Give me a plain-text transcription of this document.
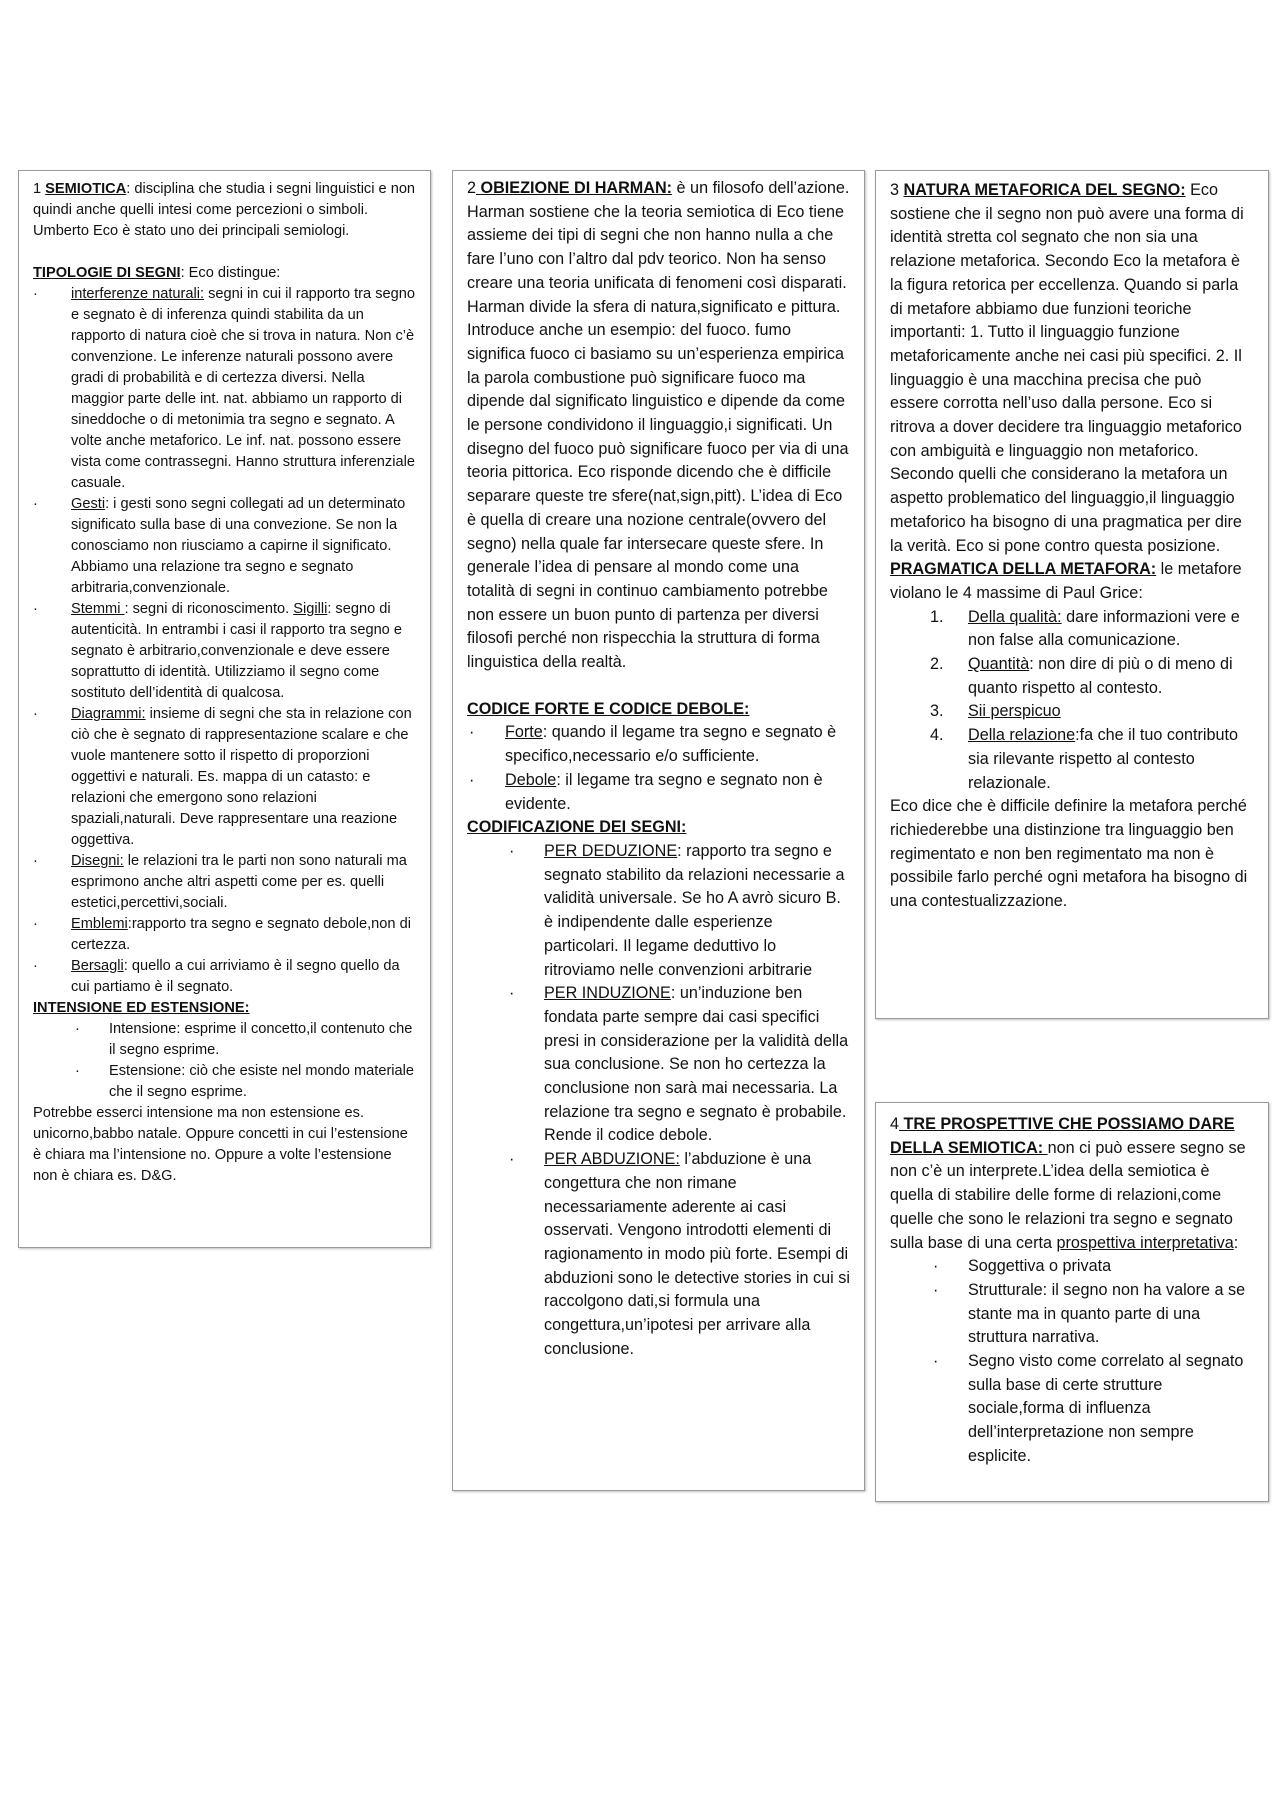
1 SEMIOTICA: disciplina che studia i segni linguistici e non quindi anche quelli intesi come percezioni o simboli. Umberto Eco è stato uno dei principali semiologi.

TIPOLOGIE DI SEGNI: Eco distingue:

· interferenze naturali: segni in cui il rapporto tra segno e segnato è di inferenza quindi stabilita da un rapporto di natura cioè che si trova in natura. Non c’è convenzione. Le inferenze naturali possono avere gradi di probabilità e di certezza diversi. Nella maggior parte delle int. nat. abbiamo un rapporto di sineddoche o di metonimia tra segno e segnato. A volte anche metaforico. Le inf. nat. possono essere vista come contrassegni. Hanno struttura inferenziale casuale.
· Gesti: i gesti sono segni collegati ad un determinato significato sulla base di una convezione. Se non la conosciamo non riusciamo a capirne il significato. Abbiamo una relazione tra segno e segnato arbitraria,convenzionale.
· Stemmi : segni di riconoscimento. Sigilli: segno di autenticità. In entrambi i casi il rapporto tra segno e segnato è arbitrario,convenzionale e deve essere soprattutto di identità. Utilizziamo il segno come sostituto dell’identità di qualcosa.
· Diagrammi: insieme di segni che sta in relazione con ciò che è segnato di rappresentazione scalare e che vuole mantenere sotto il rispetto di proporzioni oggettivi e naturali. Es. mappa di un catasto: e relazioni che emergono sono relazioni spaziali,naturali. Deve rappresentare una reazione oggettiva.
· Disegni: le relazioni tra le parti non sono naturali ma esprimono anche altri aspetti come per es. quelli estetici,percettivi,sociali.
· Emblemi:rapporto tra segno e segnato debole,non di certezza.
· Bersagli: quello a cui arriviamo è il segno quello da cui partiamo è il segnato.

INTENSIONE ED ESTENSIONE:

· Intensione: esprime il concetto,il contenuto che il segno esprime.
· Estensione: ciò che esiste nel mondo materiale che il segno esprime.

Potrebbe esserci intensione ma non estensione es. unicorno,babbo natale. Oppure concetti in cui l’estensione è chiara ma l’intensione no. Oppure a volte l’estensione non è chiara es. D&G.

2 OBIEZIONE DI HARMAN: è un filosofo dell’azione. Harman sostiene che la teoria semiotica di Eco tiene assieme dei tipi di segni che non hanno nulla a che fare l’uno con l’altro dal pdv teorico. Non ha senso creare una teoria unificata di fenomeni così disparati. Harman divide la sfera di natura,significato e pittura. Introduce anche un esempio: del fuoco. fumo significa fuoco ci basiamo su un’esperienza empirica la parola combustione può significare fuoco ma dipende dal significato linguistico e dipende da come le persone condividono il linguaggio,i significati. Un disegno del fuoco può significare fuoco per via di una teoria pittorica. Eco risponde dicendo che è difficile separare queste tre sfere(nat,sign,pitt). L’idea di Eco è quella di creare una nozione centrale(ovvero del segno) nella quale far intersecare queste sfere. In generale l’idea di pensare al mondo come una totalità di segni in continuo cambiamento potrebbe non essere un buon punto di partenza per diversi filosofi perché non rispecchia la struttura di forma linguistica della realtà.

CODICE FORTE E CODICE DEBOLE:

· Forte: quando il legame tra segno e segnato è specifico,necessario e/o sufficiente.
· Debole: il legame tra segno e segnato non è evidente.

CODIFICAZIONE DEI SEGNI:

· PER DEDUZIONE: rapporto tra segno e segnato stabilito da relazioni necessarie a validità universale. Se ho A avrò sicuro B. è indipendente dalle esperienze particolari. Il legame deduttivo lo ritroviamo nelle convenzioni arbitrarie
· PER INDUZIONE: un’induzione ben fondata parte sempre dai casi specifici presi in considerazione per la validità della sua conclusione. Se non ho certezza la conclusione non sarà mai necessaria. La relazione tra segno e segnato è probabile. Rende il codice debole.
· PER ABDUZIONE: l’abduzione è una congettura che non rimane necessariamente aderente ai casi osservati. Vengono introdotti elementi di ragionamento in modo più forte. Esempi di abduzioni sono le detective stories in cui si raccolgono dati,si formula una congettura,un’ipotesi per arrivare alla conclusione.

3 NATURA METAFORICA DEL SEGNO: Eco sostiene che il segno non può avere una forma di identità stretta col segnato che non sia una relazione metaforica. Secondo Eco la metafora è la figura retorica per eccellenza. Quando si parla di metafore abbiamo due funzioni teoriche importanti: 1. Tutto il linguaggio funzione metaforicamente anche nei casi più specifici. 2. Il linguaggio è una macchina precisa che può essere corrotta nell’uso dalla persone. Eco si ritrova a dover decidere tra linguaggio metaforico con ambiguità e linguaggio non metaforico. Secondo quelli che considerano la metafora un aspetto problematico del linguaggio,il linguaggio metaforico ha bisogno di una pragmatica per dire la verità. Eco si pone contro questa posizione.

PRAGMATICA DELLA METAFORA: le metafore violano le 4 massime di Paul Grice:

1. Della qualità: dare informazioni vere e non false alla comunicazione.
2. Quantità: non dire di più o di meno di quanto rispetto al contesto.
3. Sii perspicuo
4. Della relazione:fa che il tuo contributo sia rilevante rispetto al contesto relazionale.

Eco dice che è difficile definire la metafora perché richiederebbe una distinzione tra linguaggio ben regimentato e non ben regimentato ma non è possibile farlo perché ogni metafora ha bisogno di una contestualizzazione.

4 TRE PROSPETTIVE CHE POSSIAMO DARE DELLA SEMIOTICA: non ci può essere segno se non c’è un interprete.L’idea della semiotica è quella di stabilire delle forme di relazioni,come quelle che sono le relazioni tra segno e segnato sulla base di una certa prospettiva interpretativa:

· Soggettiva o privata
· Strutturale: il segno non ha valore a se stante ma in quanto parte di una struttura narrativa.
· Segno visto come correlato al segnato sulla base di certe strutture sociale,forma di influenza dell’interpretazione non sempre esplicite.
